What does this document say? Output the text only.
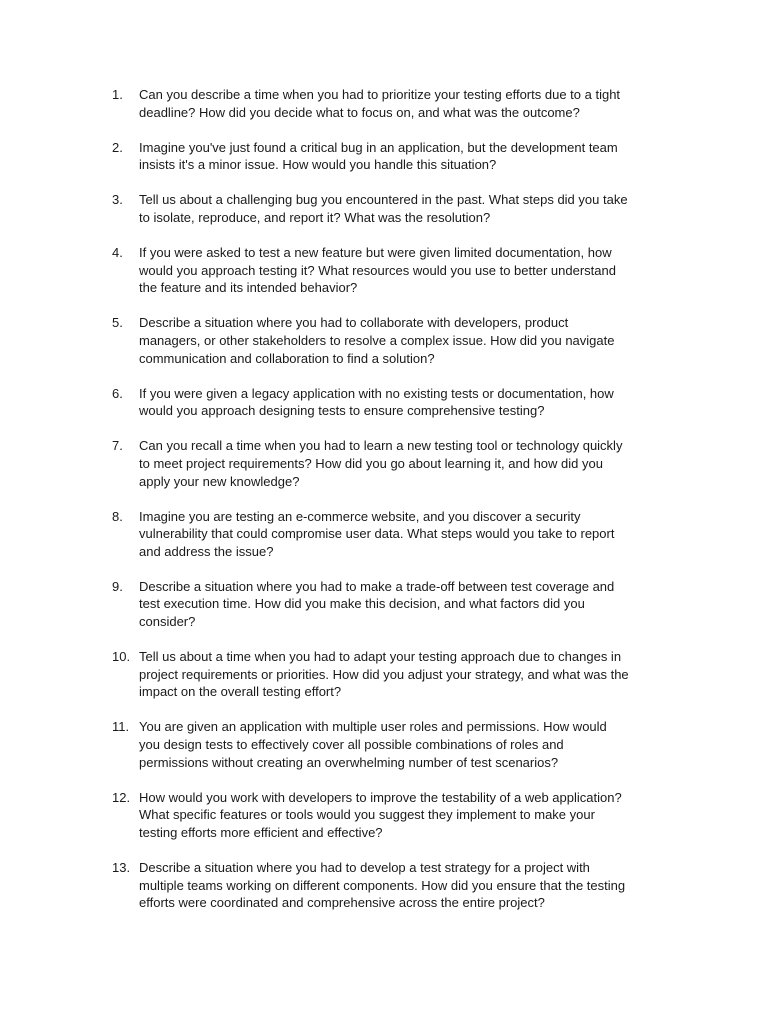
1.	Can you describe a time when you had to prioritize your testing efforts due to a tight
deadline? How did you decide what to focus on, and what was the outcome?
2.	Imagine you've just found a critical bug in an application, but the development team
insists it's a minor issue. How would you handle this situation?
3.	Tell us about a challenging bug you encountered in the past. What steps did you take
to isolate, reproduce, and report it? What was the resolution?
4.	If you were asked to test a new feature but were given limited documentation, how
would you approach testing it? What resources would you use to better understand
the feature and its intended behavior?
5.	Describe a situation where you had to collaborate with developers, product
managers, or other stakeholders to resolve a complex issue. How did you navigate
communication and collaboration to find a solution?
6.	If you were given a legacy application with no existing tests or documentation, how
would you approach designing tests to ensure comprehensive testing?
7.	Can you recall a time when you had to learn a new testing tool or technology quickly
to meet project requirements? How did you go about learning it, and how did you
apply your new knowledge?
8.	Imagine you are testing an e-commerce website, and you discover a security
vulnerability that could compromise user data. What steps would you take to report
and address the issue?
9.	Describe a situation where you had to make a trade-off between test coverage and
test execution time. How did you make this decision, and what factors did you
consider?
10. Tell us about a time when you had to adapt your testing approach due to changes in
project requirements or priorities. How did you adjust your strategy, and what was the
impact on the overall testing effort?
11. You are given an application with multiple user roles and permissions. How would
you design tests to effectively cover all possible combinations of roles and
permissions without creating an overwhelming number of test scenarios?
12. How would you work with developers to improve the testability of a web application?
What specific features or tools would you suggest they implement to make your
testing efforts more efficient and effective?
13. Describe a situation where you had to develop a test strategy for a project with
multiple teams working on different components. How did you ensure that the testing
efforts were coordinated and comprehensive across the entire project?
